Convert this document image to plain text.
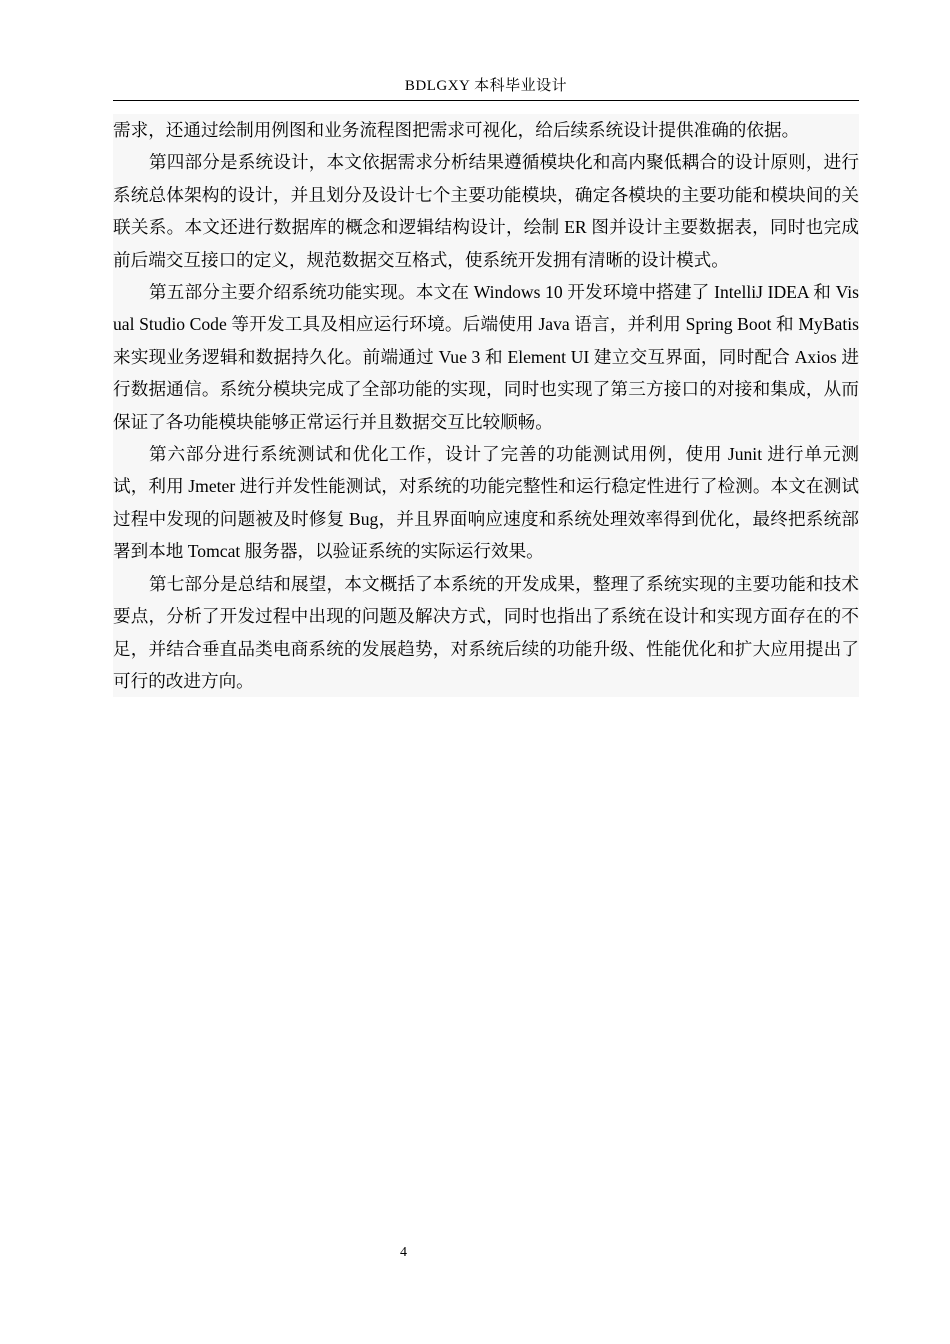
BDLGXY 本科毕业设计

需求，还通过绘制用例图和业务流程图把需求可视化，给后续系统设计提供准确的依据。

第四部分是系统设计，本文依据需求分析结果遵循模块化和高内聚低耦合的设计原则，进行系统总体架构的设计，并且划分及设计七个主要功能模块，确定各模块的主要功能和模块间的关联关系。本文还进行数据库的概念和逻辑结构设计，绘制 ER 图并设计主要数据表，同时也完成前后端交互接口的定义，规范数据交互格式，使系统开发拥有清晰的设计模式。

第五部分主要介绍系统功能实现。本文在 Windows 10 开发环境中搭建了 IntelliJ IDEA 和 Visual Studio Code 等开发工具及相应运行环境。后端使用 Java 语言，并利用 Spring Boot 和 MyBatis 来实现业务逻辑和数据持久化。前端通过 Vue 3 和 Element UI 建立交互界面，同时配合 Axios 进行数据通信。系统分模块完成了全部功能的实现，同时也实现了第三方接口的对接和集成，从而保证了各功能模块能够正常运行并且数据交互比较顺畅。

第六部分进行系统测试和优化工作，设计了完善的功能测试用例，使用 Junit 进行单元测试，利用 Jmeter 进行并发性能测试，对系统的功能完整性和运行稳定性进行了检测。本文在测试过程中发现的问题被及时修复 Bug，并且界面响应速度和系统处理效率得到优化，最终把系统部署到本地 Tomcat 服务器，以验证系统的实际运行效果。

第七部分是总结和展望，本文概括了本系统的开发成果，整理了系统实现的主要功能和技术要点，分析了开发过程中出现的问题及解决方式，同时也指出了系统在设计和实现方面存在的不足，并结合垂直品类电商系统的发展趋势，对系统后续的功能升级、性能优化和扩大应用提出了可行的改进方向。

4
